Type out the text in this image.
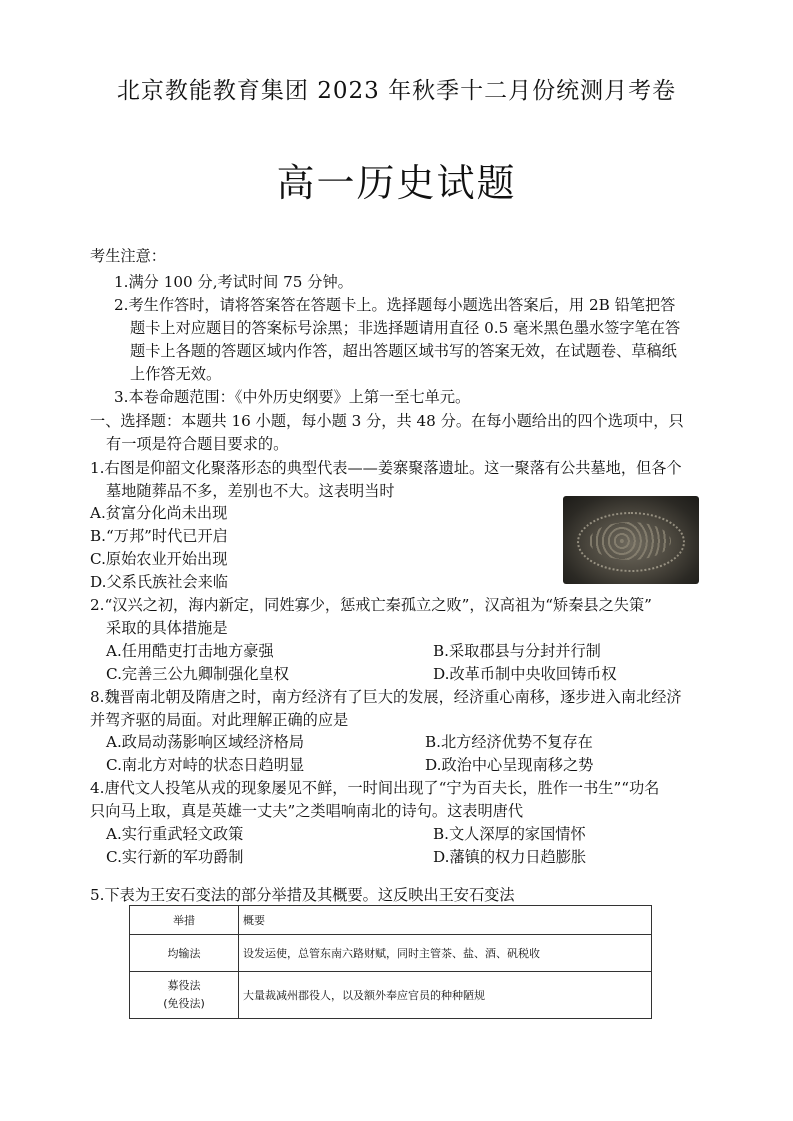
北京教能教育集团 2023 年秋季十二月份统测月考卷
高一历史试题
考生注意：
1.满分 100 分,考试时间 75 分钟。
2.考生作答时，请将答案答在答题卡上。选择题每小题选出答案后，用 2B 铅笔把答
题卡上对应题目的答案标号涂黑；非选择题请用直径 0.5 毫米黑色墨水签字笔在答
题卡上各题的答题区域内作答，超出答题区域书写的答案无效，在试题卷、草稿纸
上作答无效。
3.本卷命题范围：《中外历史纲要》上第一至七单元。
一、选择题：本题共 16 小题，每小题 3 分，共 48 分。在每小题给出的四个选项中，只
有一项是符合题目要求的。
1.右图是仰韶文化聚落形态的典型代表——姜寨聚落遗址。这一聚落有公共墓地，但各个
墓地随葬品不多，差别也不大。这表明当时
A.贫富分化尚未出现
B.“万邦”时代已开启
C.原始农业开始出现
D.父系氏族社会来临
2.“汉兴之初，海内新定，同姓寡少，惩戒亡秦孤立之败”，汉高祖为“矫秦县之失策”
采取的具体措施是
A.任用酷吏打击地方豪强	B.采取郡县与分封并行制
C.完善三公九卿制强化皇权	D.改革币制中央收回铸币权
8.魏晋南北朝及隋唐之时，南方经济有了巨大的发展，经济重心南移，逐步进入南北经济
并驾齐驱的局面。对此理解正确的应是
A.政局动荡影响区域经济格局	B.北方经济优势不复存在
C.南北方对峙的状态日趋明显	D.政治中心呈现南移之势
4.唐代文人投笔从戎的现象屡见不鲜，一时间出现了“宁为百夫长，胜作一书生”“功名
只向马上取，真是英雄一丈夫”之类唱响南北的诗句。这表明唐代
A.实行重武轻文政策	B.文人深厚的家国情怀
C.实行新的军功爵制	D.藩镇的权力日趋膨胀
5.下表为王安石变法的部分举措及其概要。这反映出王安石变法
举措	概要
均输法	设发运使，总管东南六路财赋，同时主管茶、盐、酒、矾税收

募役法
(免役法)	大量裁减州郡役人，以及额外奉应官员的种种陋规
